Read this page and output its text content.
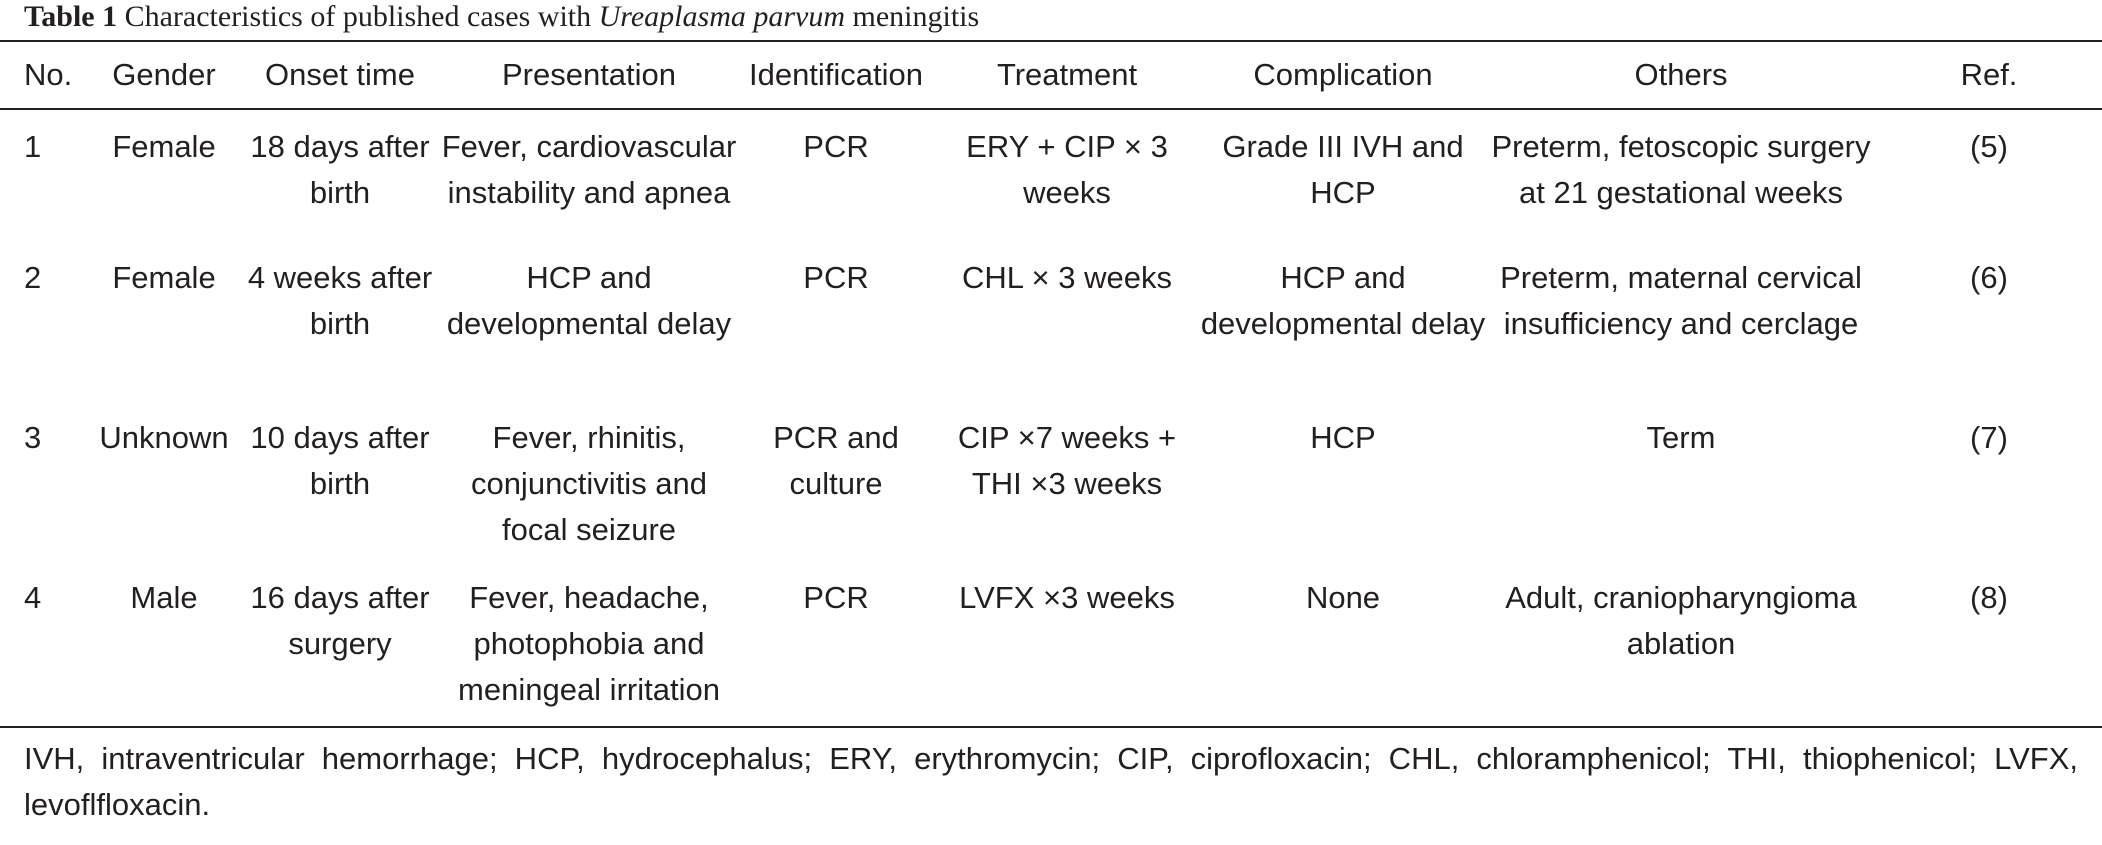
Table 1 Characteristics of published cases with Ureaplasma parvum meningitis
No.	Gender	Onset time	Presentation	Identification	Treatment	Complication	Others	Ref.
1	Female	18 days after birth	Fever, cardiovascular instability and apnea	PCR	ERY + CIP × 3 weeks	Grade III IVH and HCP	Preterm, fetoscopic surgery at 21 gestational weeks	(5)
2	Female	4 weeks after birth	HCP and developmental delay	PCR	CHL × 3 weeks	HCP and developmental delay	Preterm, maternal cervical insufficiency and cerclage	(6)
3	Unknown	10 days after birth	Fever, rhinitis, conjunctivitis and focal seizure	PCR and culture	CIP ×7 weeks + THI ×3 weeks	HCP	Term	(7)
4	Male	16 days after surgery	Fever, headache, photophobia and meningeal irritation	PCR	LVFX ×3 weeks	None	Adult, craniopharyngioma ablation	(8)
IVH, intraventricular hemorrhage; HCP, hydrocephalus; ERY, erythromycin; CIP, ciprofloxacin; CHL, chloramphenicol; THI, thiophenicol; LVFX, levoflfloxacin.
